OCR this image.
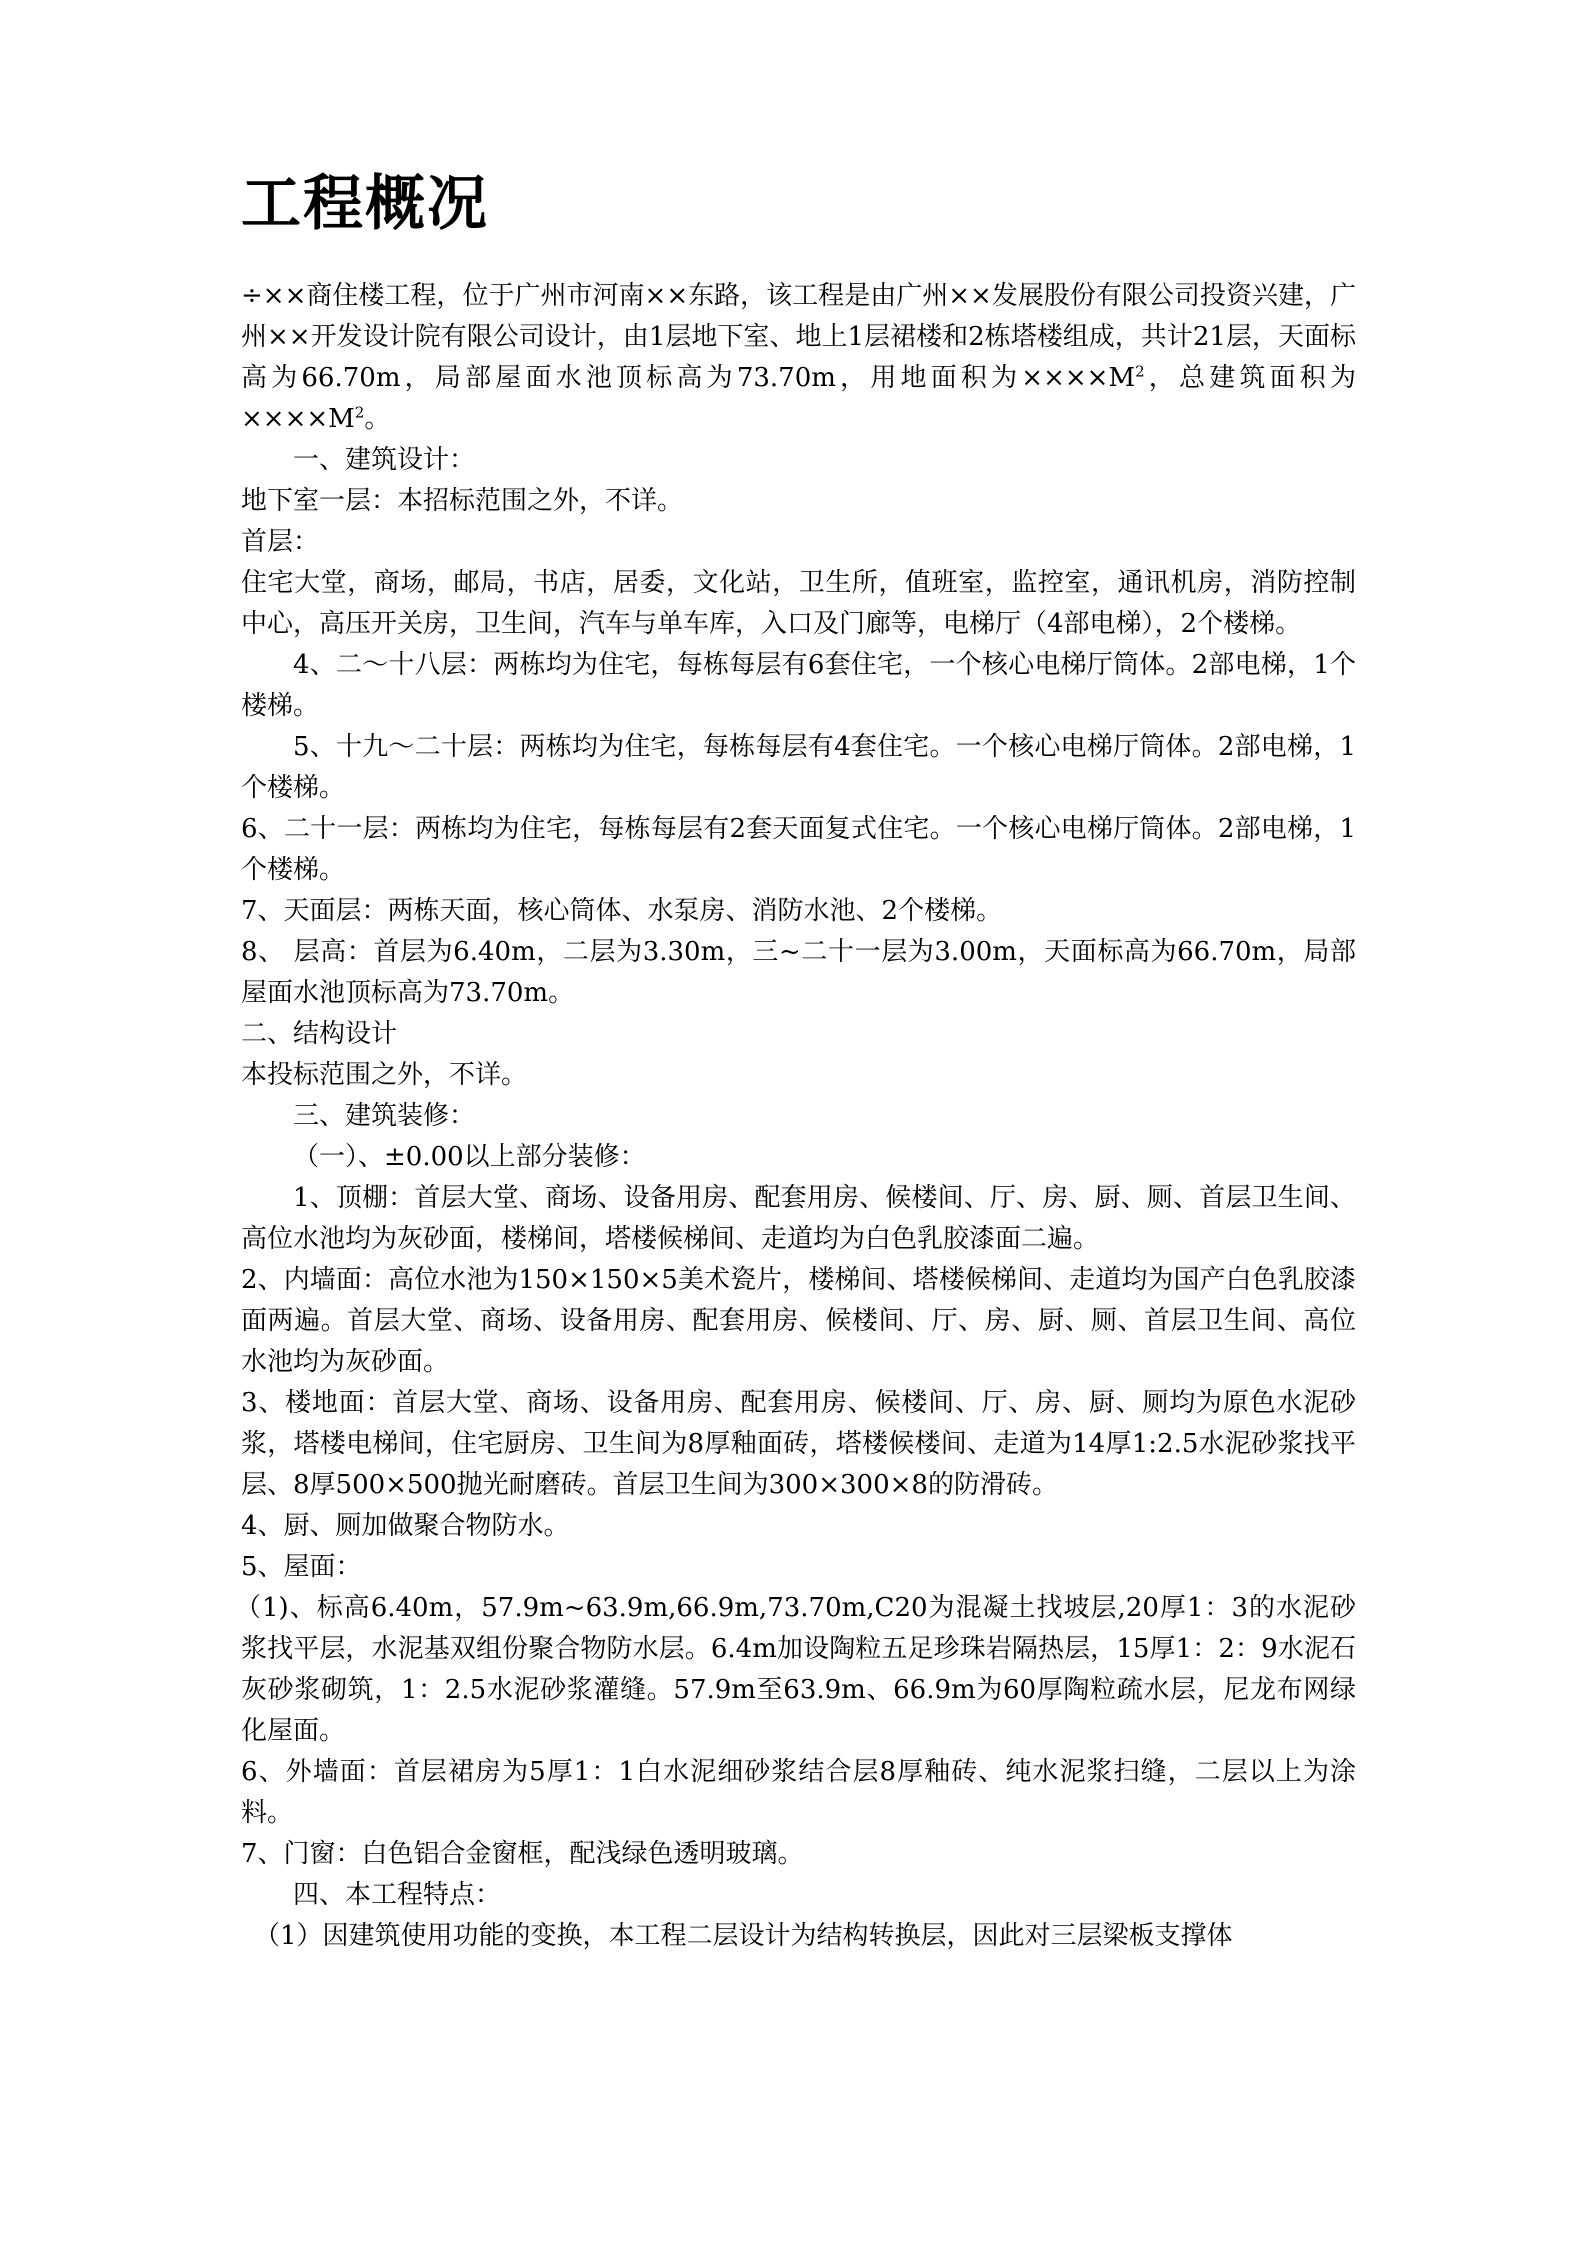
工程概况

÷××商住楼工程，位于广州市河南××东路，该工程是由广州××发展股份有限公司投资兴建，广州××开发设计院有限公司设计，由1层地下室、地上1层裙楼和2栋塔楼组成，共计21层，天面标高为66.70m，局部屋面水池顶标高为73.70m，用地面积为$\times\times\times\times M^2$，总建筑面积为$\times\times\times\times M^2$。

一、建筑设计：

地下室一层：本招标范围之外，不详。

首层：

住宅大堂，商场，邮局，书店，居委，文化站，卫生所，值班室，监控室，通讯机房，消防控制中心，高压开关房，卫生间，汽车与单车库，入口及门廊等，电梯厅（4部电梯），2个楼梯。

4、二～十八层：两栋均为住宅，每栋每层有6套住宅，一个核心电梯厅筒体。2部电梯，1个楼梯。

5、十九～二十层：两栋均为住宅，每栋每层有4套住宅。一个核心电梯厅筒体。2部电梯，1个楼梯。

6、二十一层：两栋均为住宅，每栋每层有2套天面复式住宅。一个核心电梯厅筒体。2部电梯，1个楼梯。

7、天面层：两栋天面，核心筒体、水泵房、消防水池、2个楼梯。

8、 层高：首层为6.40m，二层为3.30m，三~二十一层为3.00m，天面标高为66.70m，局部屋面水池顶标高为73.70m。

二、结构设计

本投标范围之外，不详。

三、建筑装修：

（一）、±0.00以上部分装修：

1、顶棚：首层大堂、商场、设备用房、配套用房、候楼间、厅、房、厨、厕、首层卫生间、高位水池均为灰砂面，楼梯间，塔楼候梯间、走道均为白色乳胶漆面二遍。

2、内墙面：高位水池为150×150×5美术瓷片，楼梯间、塔楼候梯间、走道均为国产白色乳胶漆面两遍。首层大堂、商场、设备用房、配套用房、候楼间、厅、房、厨、厕、首层卫生间、高位水池均为灰砂面。

3、楼地面：首层大堂、商场、设备用房、配套用房、候楼间、厅、房、厨、厕均为原色水泥砂浆，塔楼电梯间，住宅厨房、卫生间为8厚釉面砖，塔楼候楼间、走道为14厚1:2.5水泥砂浆找平层、8厚500×500抛光耐磨砖。首层卫生间为300×300×8的防滑砖。

4、厨、厕加做聚合物防水。

5、屋面：

（1)、标高6.40m，57.9m~63.9m,66.9m,73.70m,C20为混凝土找坡层,20厚1：3的水泥砂浆找平层，水泥基双组份聚合物防水层。6.4m加设陶粒五足珍珠岩隔热层，15厚1：2：9水泥石灰砂浆砌筑，1：2.5水泥砂浆灌缝。57.9m至63.9m、66.9m为60厚陶粒疏水层，尼龙布网绿化屋面。

6、外墙面：首层裙房为5厚1：1白水泥细砂浆结合层8厚釉砖、纯水泥浆扫缝，二层以上为涂料。

7、门窗：白色铝合金窗框，配浅绿色透明玻璃。

四、本工程特点：

（1）因建筑使用功能的变换，本工程二层设计为结构转换层，因此对三层梁板支撑体
